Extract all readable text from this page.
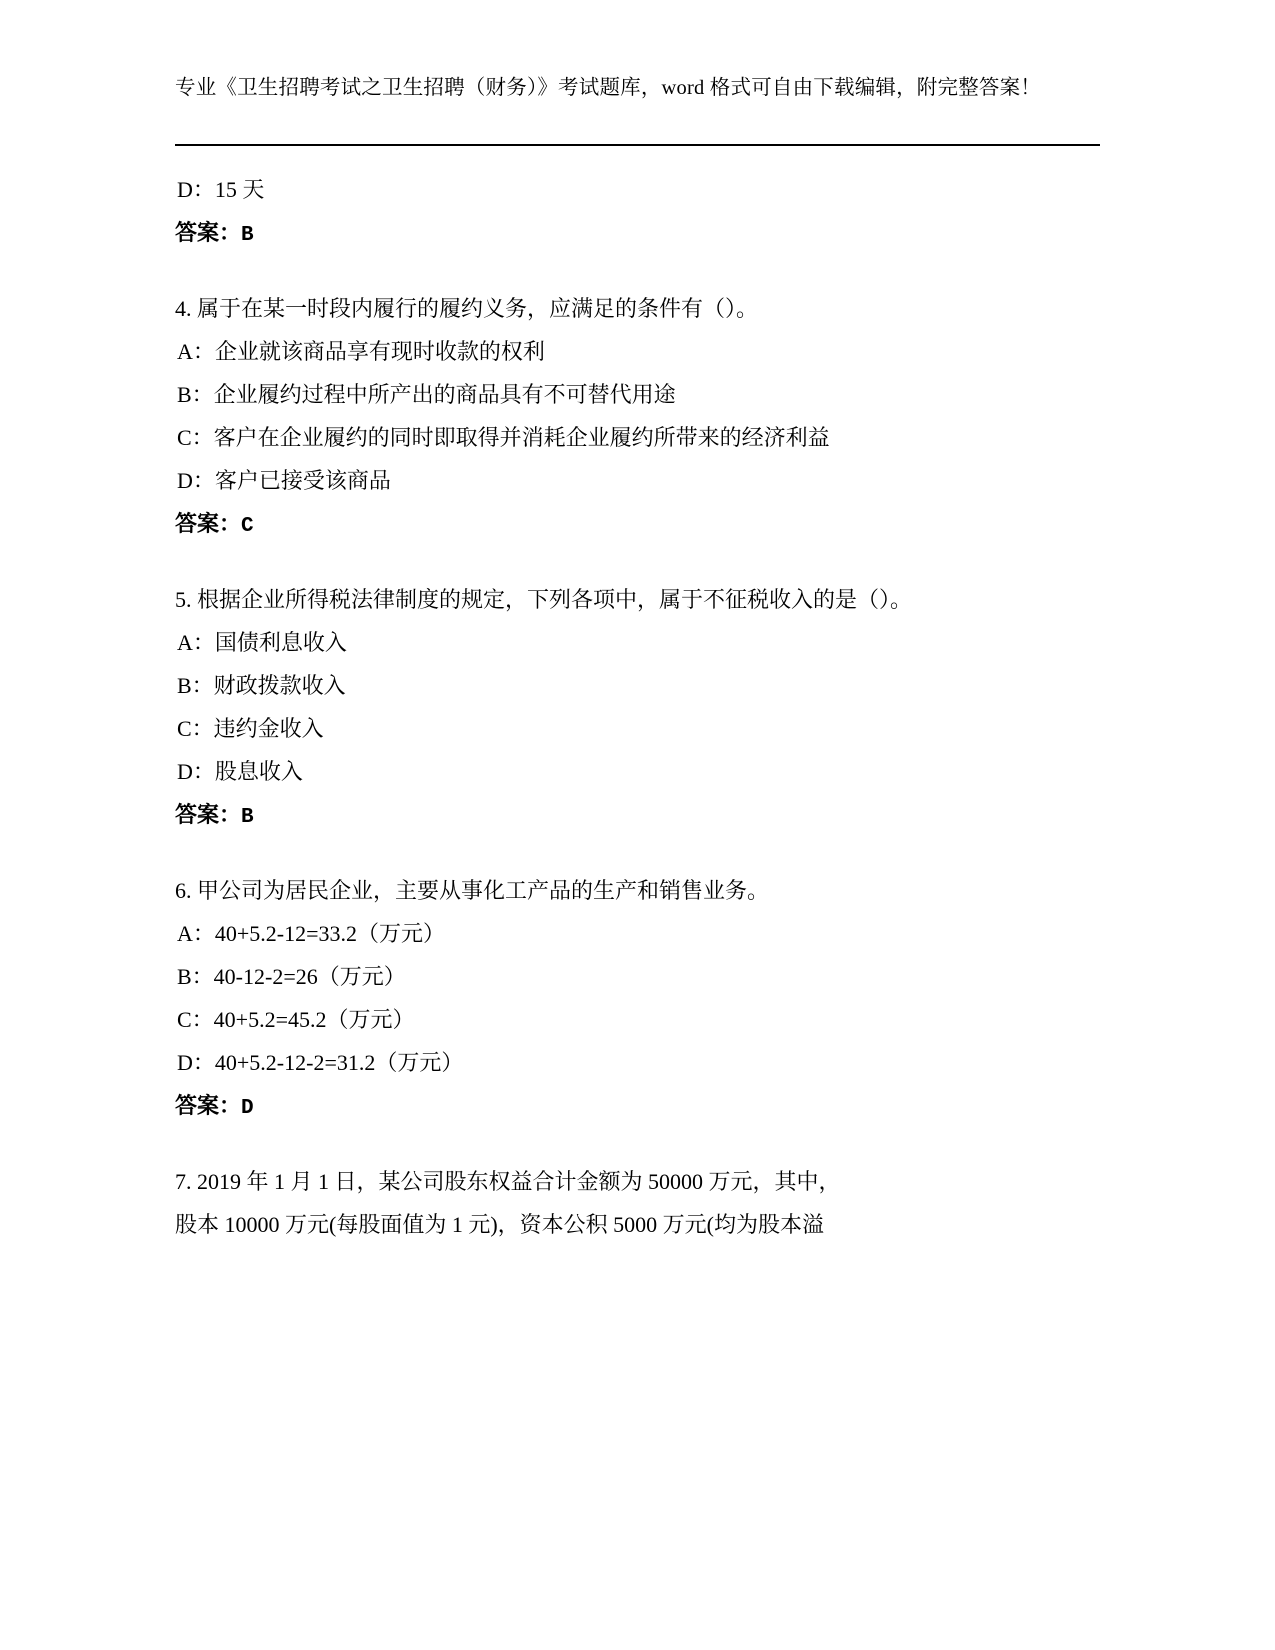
专业《卫生招聘考试之卫生招聘（财务）》考试题库，word 格式可自由下载编辑，附完整答案！
D：15 天
答案：B
4. 属于在某一时段内履行的履约义务，应满足的条件有（）。
A：企业就该商品享有现时收款的权利
B：企业履约过程中所产出的商品具有不可替代用途
C：客户在企业履约的同时即取得并消耗企业履约所带来的经济利益
D：客户已接受该商品
答案：C
5. 根据企业所得税法律制度的规定，下列各项中，属于不征税收入的是（）。
A：国债利息收入
B：财政拨款收入
C：违约金收入
D：股息收入
答案：B
6. 甲公司为居民企业，主要从事化工产品的生产和销售业务。
A：40+5.2-12=33.2（万元）
B：40-12-2=26（万元）
C：40+5.2=45.2（万元）
D：40+5.2-12-2=31.2（万元）
答案：D
7. 2019 年 1 月 1 日，某公司股东权益合计金额为 50000 万元，其中，
股本 10000 万元(每股面值为 1 元)，资本公积 5000 万元(均为股本溢
